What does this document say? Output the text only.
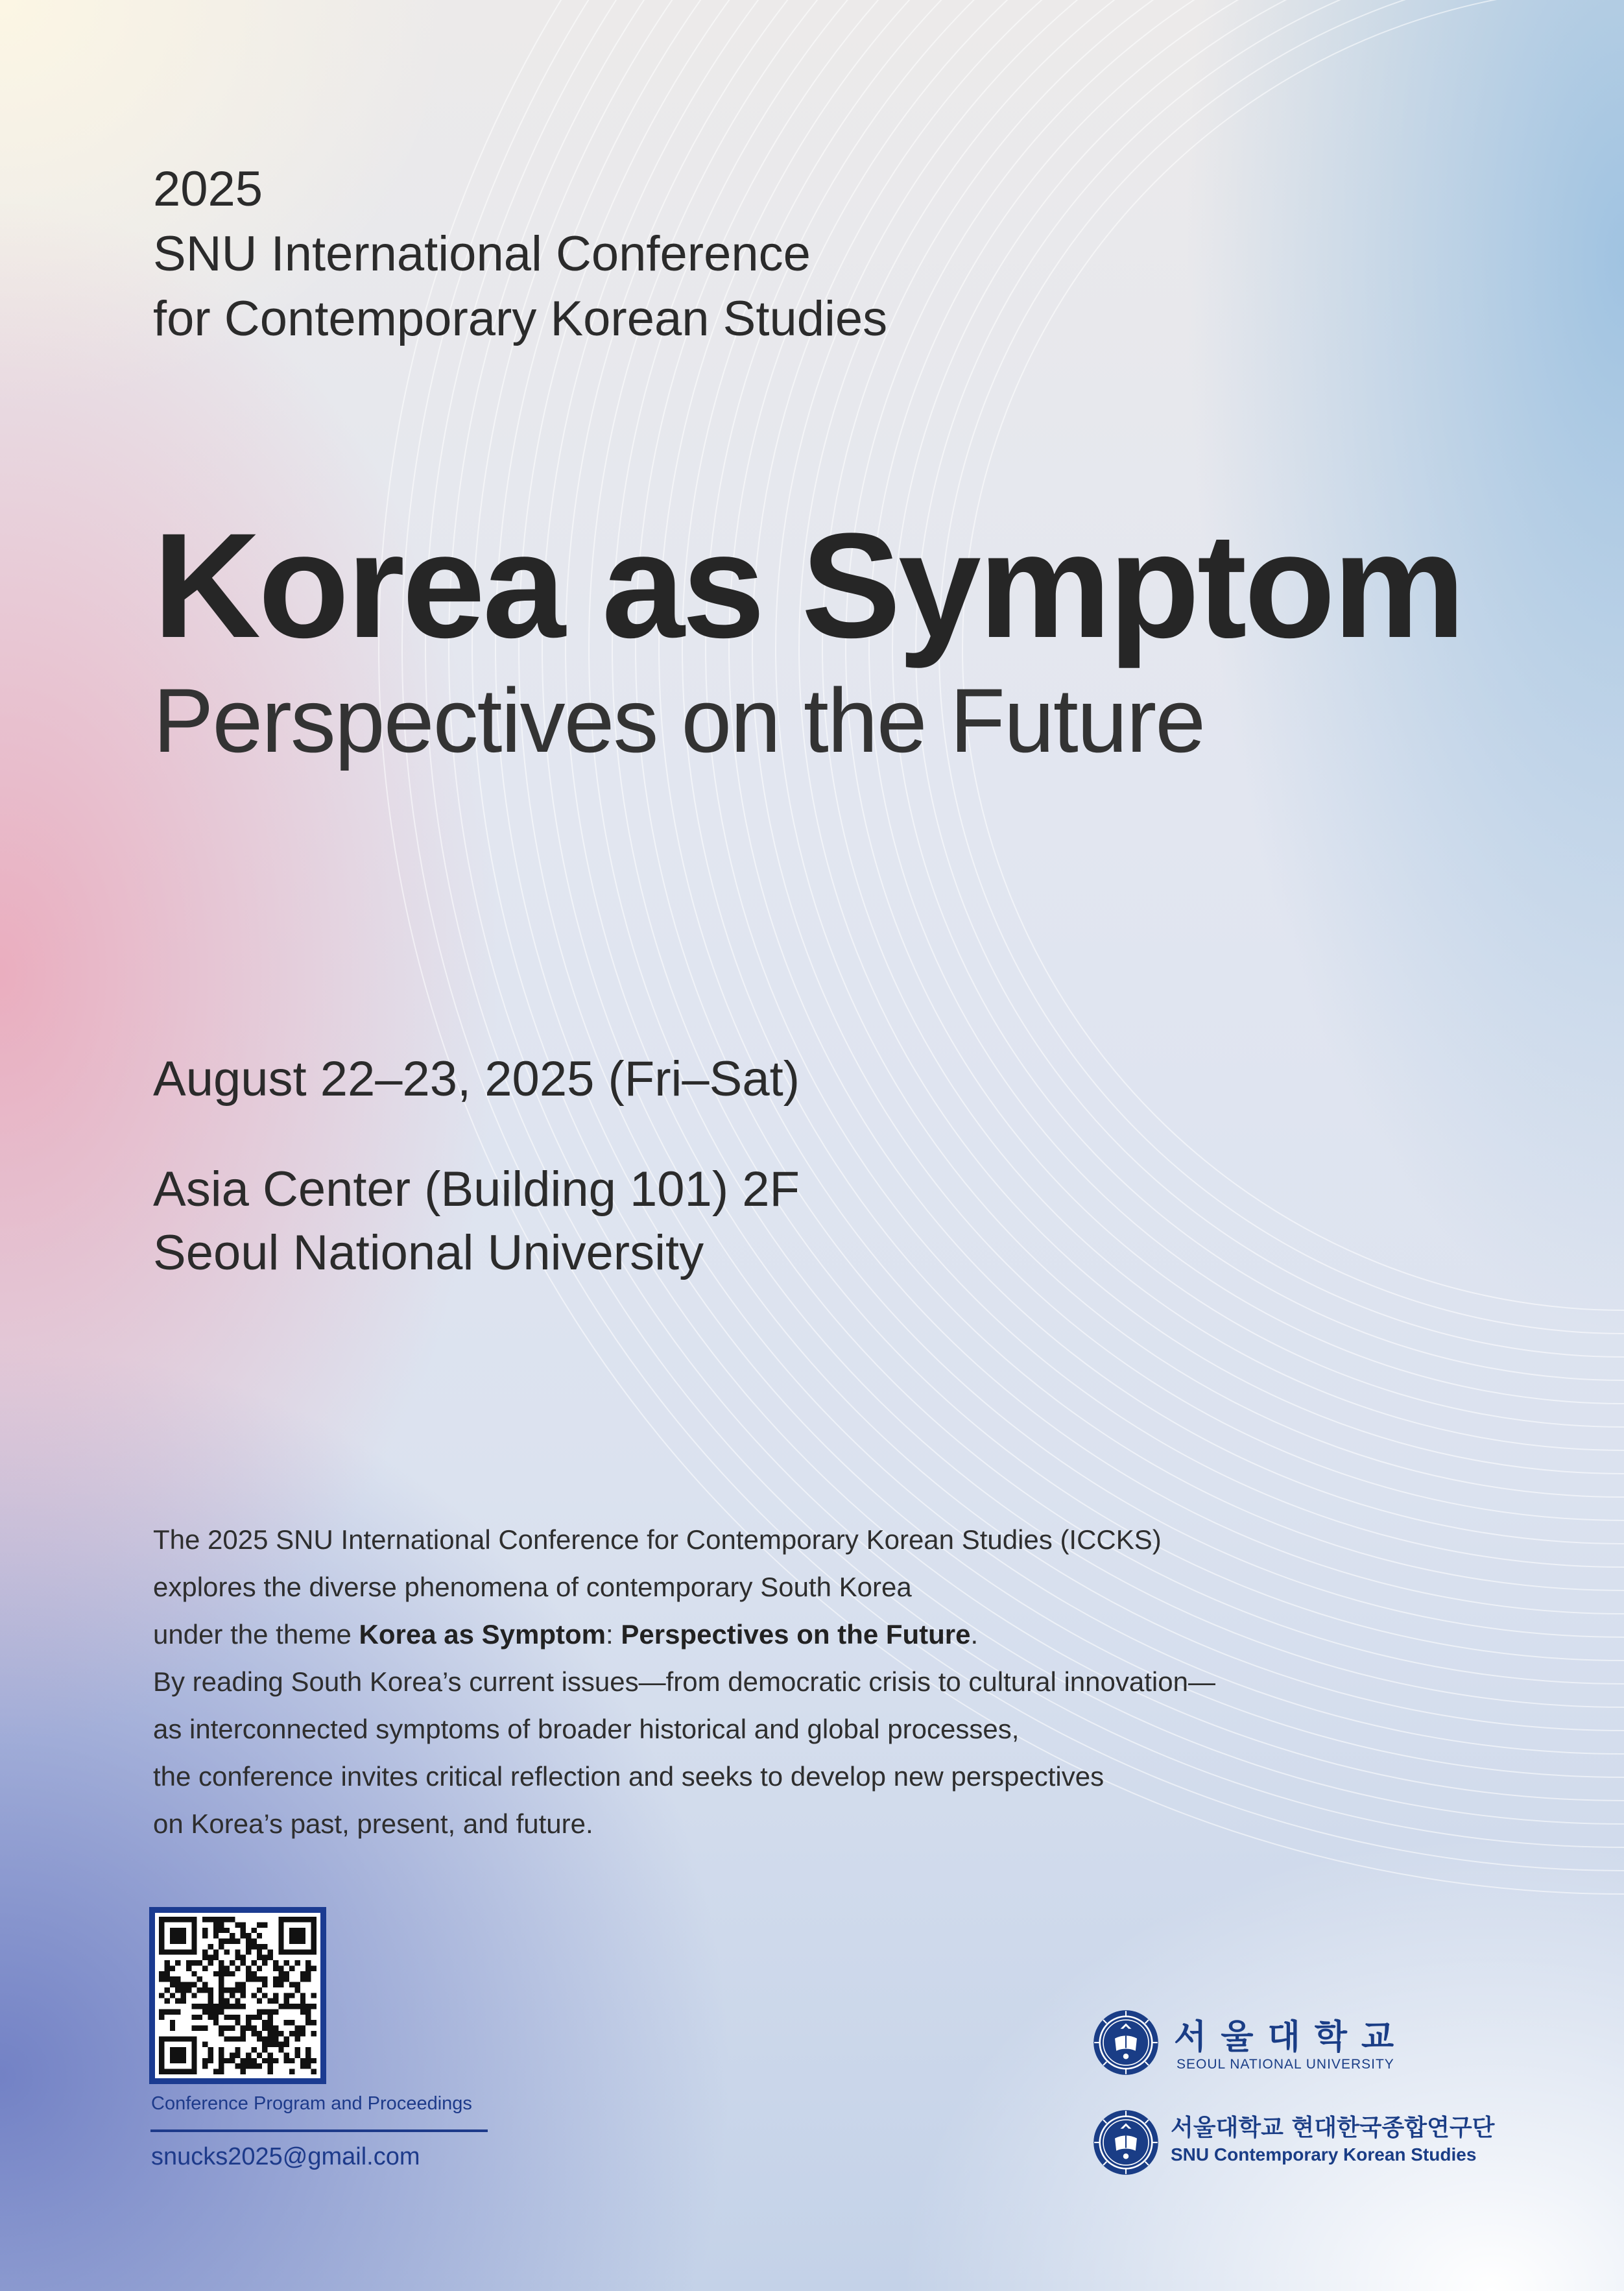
2025

SNU International Conference

for Contemporary Korean Studies

Korea as Symptom
Perspectives on the Future

August 22–23, 2025 (Fri–Sat)

Asia Center (Building 101) 2F

Seoul National University

The 2025 SNU International Conference for Contemporary Korean Studies (ICCKS)
explores the diverse phenomena of contemporary South Korea
under the theme Korea as Symptom: Perspectives on the Future.
By reading South Korea’s current issues—from democratic crisis to cultural innovation—
as interconnected symptoms of broader historical and global processes,
the conference invites critical reflection and seeks to develop new perspectives
on Korea’s past, present, and future.
Conference Program and Proceedings
snucks2025@gmail.com
서울대학교
SEOUL NATIONAL UNIVERSITY
서울대학교 현대한국종합연구단
SNU Contemporary Korean Studies
